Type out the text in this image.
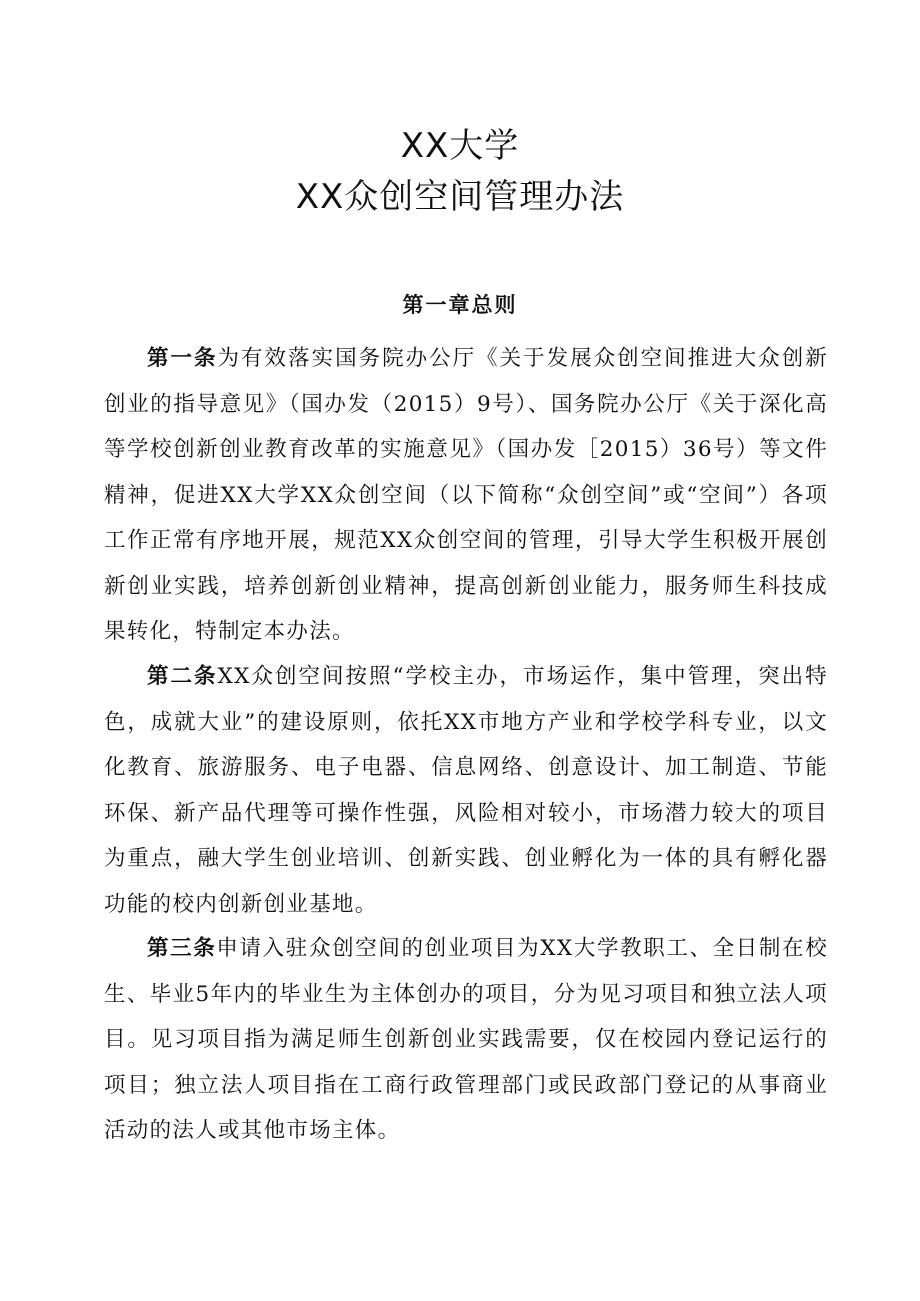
XX大学
XX众创空间管理办法
第一章总则

第一条为有效落实国务院办公厅《关于发展众创空间推进大众创新创业的指导意见》（国办发（2015）9号）、国务院办公厅《关于深化高等学校创新创业教育改革的实施意见》（国办发［2015）36号）等文件精神，促进XX大学XX众创空间（以下简称“众创空间”或“空间”）各项工作正常有序地开展，规范XX众创空间的管理，引导大学生积极开展创新创业实践，培养创新创业精神，提高创新创业能力，服务师生科技成果转化，特制定本办法。

第二条XX众创空间按照“学校主办，市场运作，集中管理，突出特色，成就大业”的建设原则，依托XX市地方产业和学校学科专业，以文化教育、旅游服务、电子电器、信息网络、创意设计、加工制造、节能环保、新产品代理等可操作性强，风险相对较小，市场潜力较大的项目为重点，融大学生创业培训、创新实践、创业孵化为一体的具有孵化器功能的校内创新创业基地。

第三条申请入驻众创空间的创业项目为XX大学教职工、全日制在校生、毕业5年内的毕业生为主体创办的项目，分为见习项目和独立法人项目。见习项目指为满足师生创新创业实践需要，仅在校园内登记运行的项目；独立法人项目指在工商行政管理部门或民政部门登记的从事商业活动的法人或其他市场主体。
